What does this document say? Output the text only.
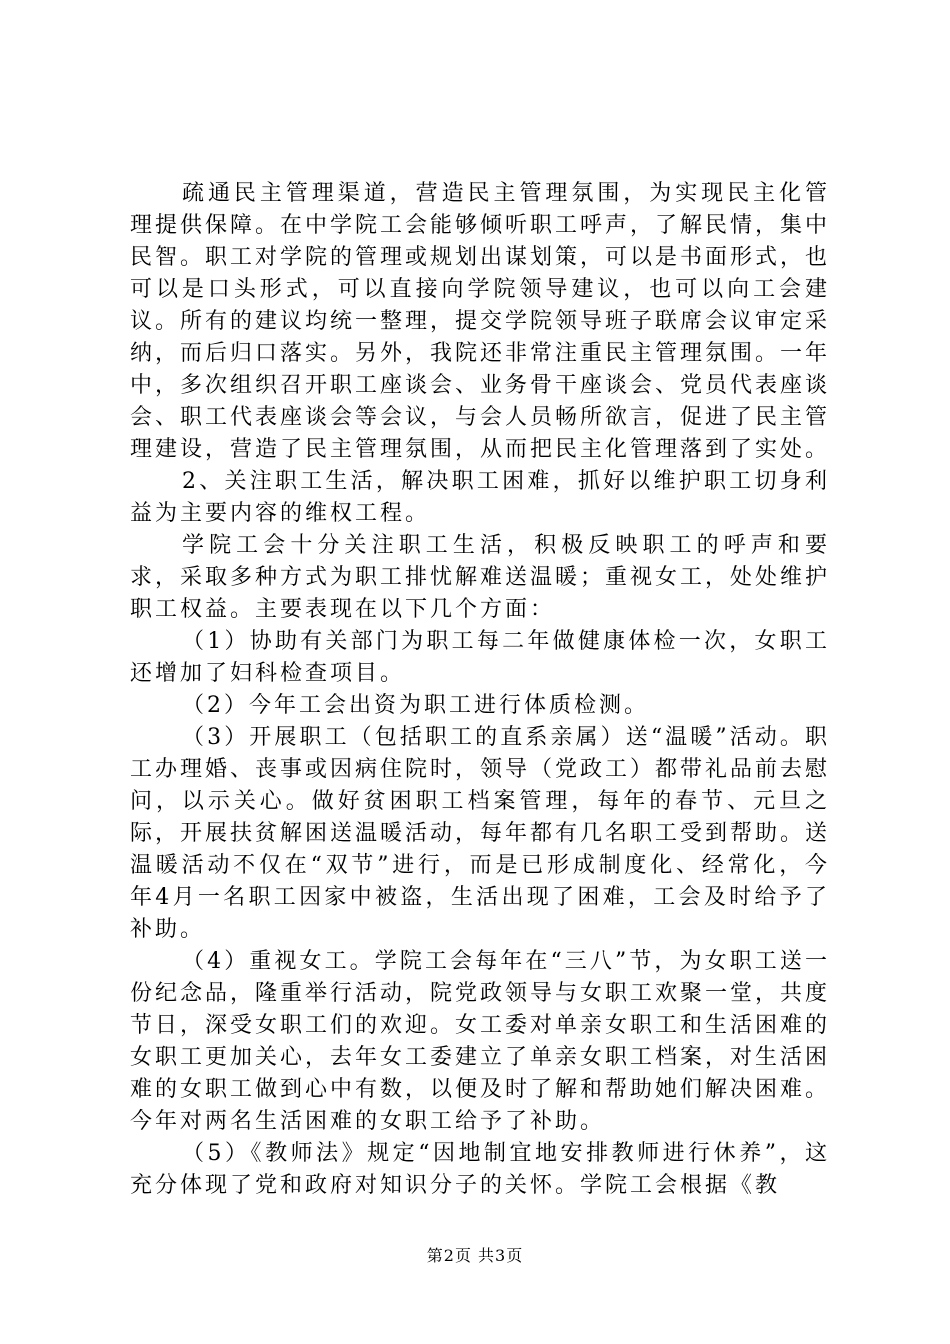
疏通民主管理渠道，营造民主管理氛围，为实现民主化管理提供保障。在中学院工会能够倾听职工呼声，了解民情，集中民智。职工对学院的管理或规划出谋划策，可以是书面形式，也可以是口头形式，可以直接向学院领导建议，也可以向工会建议。所有的建议均统一整理，提交学院领导班子联席会议审定采纳，而后归口落实。另外，我院还非常注重民主管理氛围。一年中，多次组织召开职工座谈会、业务骨干座谈会、党员代表座谈会、职工代表座谈会等会议，与会人员畅所欲言，促进了民主管理建设，营造了民主管理氛围，从而把民主化管理落到了实处。

2、关注职工生活，解决职工困难，抓好以维护职工切身利益为主要内容的维权工程。

学院工会十分关注职工生活，积极反映职工的呼声和要求，采取多种方式为职工排忧解难送温暖；重视女工，处处维护职工权益。主要表现在以下几个方面：

（1）协助有关部门为职工每二年做健康体检一次，女职工还增加了妇科检查项目。

（2）今年工会出资为职工进行体质检测。

（3）开展职工（包括职工的直系亲属）送“温暖”活动。职工办理婚、丧事或因病住院时，领导（党政工）都带礼品前去慰问，以示关心。做好贫困职工档案管理，每年的春节、元旦之际，开展扶贫解困送温暖活动，每年都有几名职工受到帮助。送温暖活动不仅在“双节”进行，而是已形成制度化、经常化，今年4月一名职工因家中被盗，生活出现了困难，工会及时给予了补助。

（4）重视女工。学院工会每年在“三八”节，为女职工送一份纪念品，隆重举行活动，院党政领导与女职工欢聚一堂，共度节日，深受女职工们的欢迎。女工委对单亲女职工和生活困难的女职工更加关心，去年女工委建立了单亲女职工档案，对生活困难的女职工做到心中有数，以便及时了解和帮助她们解决困难。今年对两名生活困难的女职工给予了补助。

（5）《教师法》规定“因地制宜地安排教师进行休养”，这充分体现了党和政府对知识分子的关怀。学院工会根据《教

第2页 共3页
